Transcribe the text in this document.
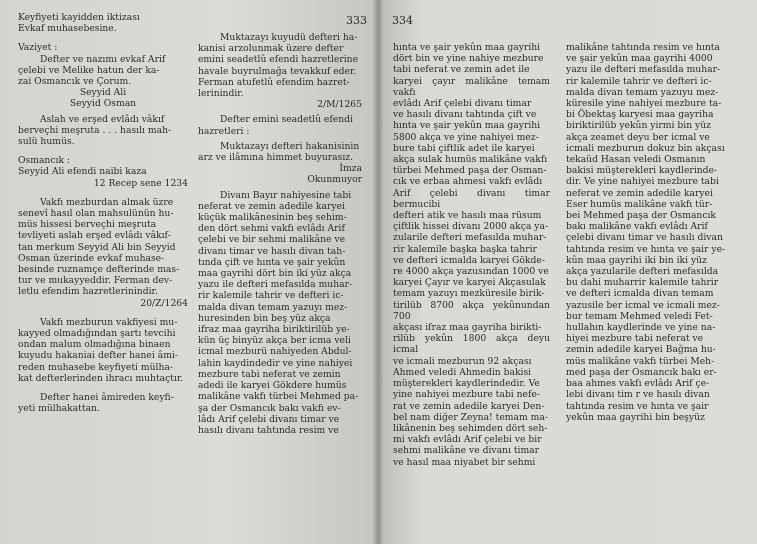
333 334

Keyfiyeti kayidden iktizası

Evkaf muhasebesine.

Vaziyet :

Defter ve nazımı evkaf Arif

çelebi ve Melike hatun der ka-

zai Osmancık ve Çorum.

Seyyid Ali

Seyyid Osman

Aslah ve erşed evlâdı vâkıf

berveçhi meşruta . . . hasılı mah-

sulü humüs.

Osmancık :

Seyyid Ali efendi naibi kaza

12 Recep sene 1234

Vakfı mezburdan almak üzre

senevî hasıl olan mahsulünün hu-

müs hissesi berveçhi meşruta

tevliyeti aslah erşed evlâdı vâkıf-

tan merkum Seyyid Ali bin Seyyid

Osman üzerinde evkaf muhase-

besinde ruznamçe defterinde mas-

tur ve mukayyeddir. Ferman dev-

letlu efendim hazretlerinindir.

20/Z/1264

Vakfı mezburun vakfiyesi mu-

kayyed olmadığından şartı tevcihi

ondan malum olmadığına binaen

kuyudu hakaniai defter hanei âmi-

reden muhasebe keyfiyeti mülha-

kat defterlerinden ihracı muhtaçtır.

Defter hanei âmireden keyfi-

yeti mülhakattan.

Muktazayı kuyudü defteri ha-

kanisi arzolunmak üzere defter

emini seadetlû efendi hazretlerine

havale buyrulmağa tevakkuf eder.

Ferman atufetlû efendim hazret-

lerinindir.

2/M/1265

Defter emini seadetlû efendi

hazretleri :

Muktazayı defteri hakanisinin

arz ve ilâmına himmet buyurasız.

İmza

Okunmuyor

Divanı Bayır nahiyesine tabi

neferat ve zemin adedile karyei

küçük malikânesinin beş sehim-

den dört sehmi vakfı evlâdı Arif

çelebi ve bir sehmi malikâne ve

divanı timar ve hasılı divan tah-

tında çift ve hınta ve şair yekûn

maa gayrihi dört bin iki yüz akça

yazu ile defteri mefasılda muhar-

rir kalemile tahrir ve defteri ic-

malda divan temam yazuyı mez-

huresinden bin beş yüz akça

ifraz maa gayriha biriktirilüb ye-

kün üç binyüz akça ber icma veli

icmal mezburü nahiyeden Abdul-

lahin kaydindedir ve yine nahiyei

mezbure tabi neferat ve zemin

adedi ile karyei Gökdere humüs

malikâne vakfı türbei Mehmed pa-

şa der Osmancık bakı vakfı ev-

lâdı Arif çelebi divanı timar ve

hasılı divanı tahtında resim ve

hınta ve şair yekûn maa gayrihi

dört bin ve yine nahiye mezbure

tabi neferat ve zemin adet ile

karyei çayır malikâne temam vakfı

evlâdı Arif çelebi divanı timar

ve hasılı divanı tahtında çift ve

hınta ve şair yekûn maa gayrihi

5800 akça ve yine nahiyei mez-

bure tabi çiftlik adet ile karyei

akça sulak humüs malikâne vakfı

türbei Mehmed paşa der Osman-

cık ve erbaa ahmesi vakfı evlâdı

Arif çelebi divanı timar bermucibi

defteri atik ve hasılı maa rüsum

çiftlik hissei divanı 2000 akça ya-

zularile defteri mefasılda muhar-

rir kalemile başka başka tahrir

ve defteri icmalda karyei Gökde-

re 4000 akça yazusından 1000 ve

karyei Çayır ve karyei Akçasulak

temam yazuyı mezküresile birik-

tirilüb 8700 akça yekûnundan 700

akçası ifraz maa gayriha birikti-

rilüb yekûn 1800 akça deyu icmal

ve icmali mezburun 92 akçası

Ahmed veledi Ahmedin bakisi

müşterekleri kaydlerindedir. Ve

yine nahiyei mezbure tabi nefe-

rat ve zemin adedile karyei Den-

bel nam diğer Zeyna! temam ma-

likânenin beş sehimden dört seh-

mi vakfı evlâdı Arif çelebi ve bir

sehmi malikâne ve divanı timar

ve hasıl maa niyabet bir sehmi

malikâne tahtında resim ve hınta

ve şair yekûn maa gayrihi 4000

yazu ile defteri mefasılda muhar-

rir kalemile tahrir ve defteri ic-

malda divan temam yazuyu mez-

küresile yine nahiyei mezbure ta-

bi Öbektaş karyesi maa gayriha

biriktirilüb yekûn yirmi bin yüz

akça zeamet deyu ber icmal ve

icmali mezburun dokuz bin akçası

tekaüd Hasan veledi Osmanın

bakisi müşterekleri kaydlerinde-

dir. Ve yine nahiyei mezbure tabi

neferat ve zemin adedile karyei

Eser humüs malikâne vakfı tür-

bei Mehmed paşa der Osmancık

bakı malikâne vakfı evlâdı Arif

çelebi divanı timar ve hasılı divan

tahtında resim ve hınta ve şair ye-

kûn maa gayrihi iki bin iki yüz

akça yazularile defteri mefasılda

bu dahi muharrir kalemile tahrir

ve defteri icmalda divan temam

yazusile ber icmal ve icmali mez-

bur temam Mehmed veledi Fet-

hullahın kaydlerinde ve yine na-

hiyei mezbure tabi neferat ve

zemin adedile karyei Bağma hu-

müs malikâne vakfı türbei Meh-

med paşa der Osmancık bakı er-

baa ahmes vakfı evlâdı Arif çe-

lebi divanı tim r ve hasılı divan

tahtında resim ve hınta ve şair

yekûn maa gayrihi bin beşyüz
